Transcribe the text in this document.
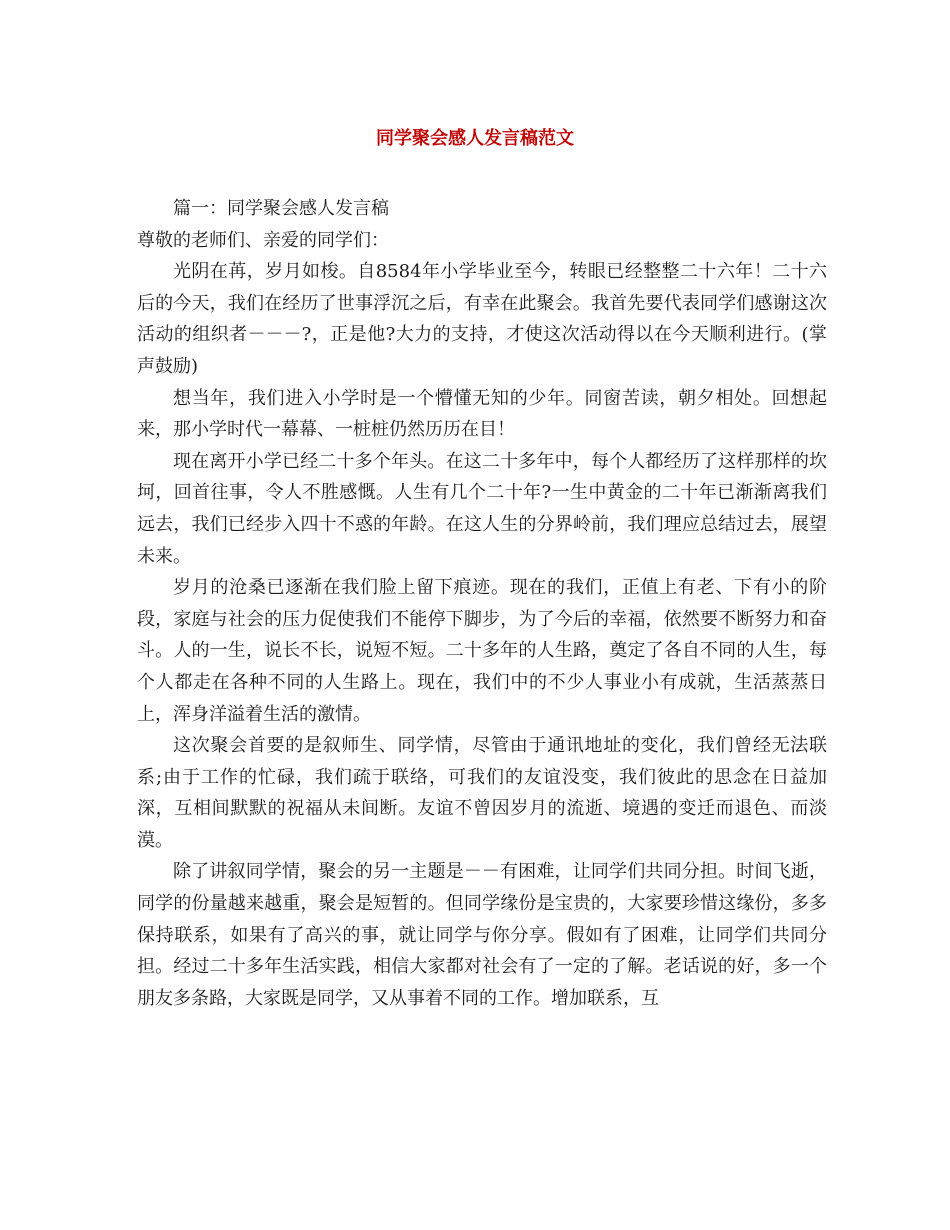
同学聚会感人发言稿范文

篇一：同学聚会感人发言稿

尊敬的老师们、亲爱的同学们：

光阴在苒，岁月如梭。自8584年小学毕业至今，转眼已经整整二十六年！二十六后的今天，我们在经历了世事浮沉之后，有幸在此聚会。我首先要代表同学们感谢这次活动的组织者－－－?，正是他?大力的支持，才使这次活动得以在今天顺利进行。(掌声鼓励)

想当年，我们进入小学时是一个懵懂无知的少年。同窗苦读，朝夕相处。回想起来，那小学时代一幕幕、一桩桩仍然历历在目！

现在离开小学已经二十多个年头。在这二十多年中，每个人都经历了这样那样的坎坷，回首往事，令人不胜感慨。人生有几个二十年?一生中黄金的二十年已渐渐离我们远去，我们已经步入四十不惑的年龄。在这人生的分界岭前，我们理应总结过去，展望未来。

岁月的沧桑已逐渐在我们脸上留下痕迹。现在的我们，正值上有老、下有小的阶段，家庭与社会的压力促使我们不能停下脚步，为了今后的幸福，依然要不断努力和奋斗。人的一生，说长不长，说短不短。二十多年的人生路，奠定了各自不同的人生，每个人都走在各种不同的人生路上。现在，我们中的不少人事业小有成就，生活蒸蒸日上，浑身洋溢着生活的激情。

这次聚会首要的是叙师生、同学情，尽管由于通讯地址的变化，我们曾经无法联系;由于工作的忙碌，我们疏于联络，可我们的友谊没变，我们彼此的思念在日益加深，互相间默默的祝福从未间断。友谊不曾因岁月的流逝、境遇的变迁而退色、而淡漠。

除了讲叙同学情，聚会的另一主题是－－有困难，让同学们共同分担。时间飞逝，同学的份量越来越重，聚会是短暂的。但同学缘份是宝贵的，大家要珍惜这缘份，多多保持联系，如果有了高兴的事，就让同学与你分享。假如有了困难，让同学们共同分担。经过二十多年生活实践，相信大家都对社会有了一定的了解。老话说的好，多一个朋友多条路，大家既是同学，又从事着不同的工作。增加联系，互
